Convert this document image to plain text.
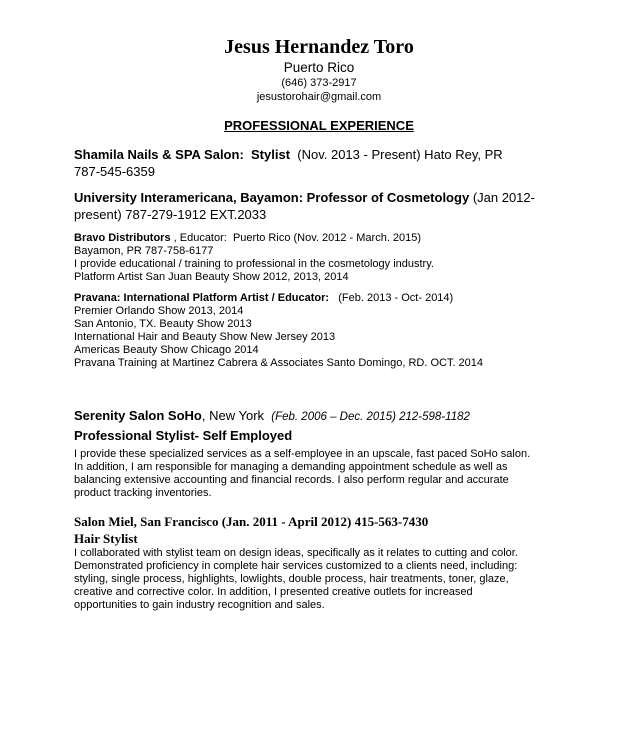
Jesus Hernandez Toro
Puerto Rico
(646) 373-2917
jesustorohair@gmail.com
PROFESSIONAL EXPERIENCE
Shamila Nails & SPA Salon: Stylist (Nov. 2013 - Present) Hato Rey, PR
787-545-6359
University Interamericana, Bayamon: Professor of Cosmetology (Jan 2012-
present) 787-279-1912 EXT.2033
Bravo Distributors , Educator: Puerto Rico (Nov. 2012 - March. 2015)
Bayamon, PR 787-758-6177
I provide educational / training to professional in the cosmetology industry.
Platform Artist San Juan Beauty Show 2012, 2013, 2014
Pravana: International Platform Artist / Educator: (Feb. 2013 - Oct- 2014)
Premier Orlando Show 2013, 2014
San Antonio, TX. Beauty Show 2013
International Hair and Beauty Show New Jersey 2013
Americas Beauty Show Chicago 2014
Pravana Training at Martinez Cabrera & Associates Santo Domingo, RD. OCT. 2014
Serenity Salon SoHo, New York (Feb. 2006 – Dec. 2015) 212-598-1182
Professional Stylist- Self Employed
I provide these specialized services as a self-employee in an upscale, fast paced SoHo salon.
In addition, I am responsible for managing a demanding appointment schedule as well as
balancing extensive accounting and financial records. I also perform regular and accurate
product tracking inventories.
Salon Miel, San Francisco (Jan. 2011 - April 2012) 415-563-7430
Hair Stylist
I collaborated with stylist team on design ideas, specifically as it relates to cutting and color.
Demonstrated proficiency in complete hair services customized to a clients need, including:
styling, single process, highlights, lowlights, double process, hair treatments, toner, glaze,
creative and corrective color. In addition, I presented creative outlets for increased
opportunities to gain industry recognition and sales.
